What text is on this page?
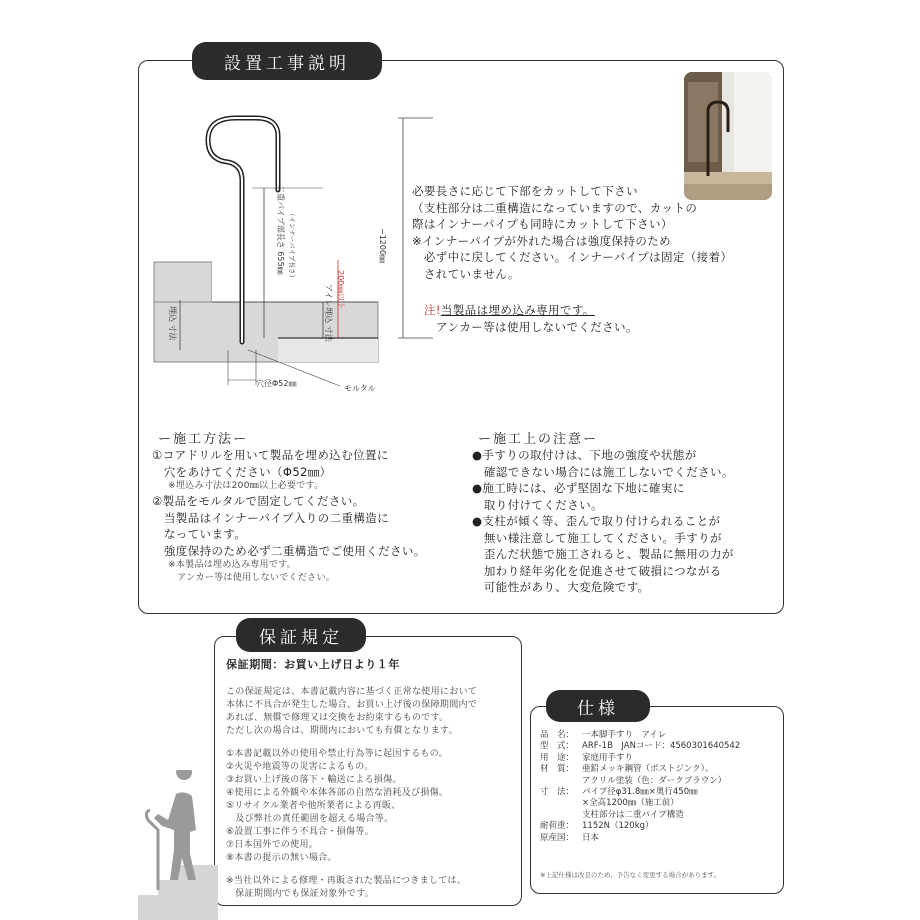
設置工事説明
−1200㎜
二重パイプ部長さ 655㎜ （インナーパイプ長さ）
アイレ埋込 寸法 200㎜以上
埋込 寸法
穴径Φ52㎜
モルタル
必要長さに応じて下部をカットして下さい
（支柱部分は二重構造になっていますので、カットの
際はインナーパイプも同時にカットして下さい）
※インナーパイプが外れた場合は強度保持のため
　必ず中に戻してください。インナーパイプは固定（接着）
　されていません。
注!当製品は埋め込み専用です。
アンカー等は使用しないでください。
ー施工方法ー
①コアドリルを用いて製品を埋め込む位置に
　穴をあけてください（Φ52㎜）
※埋込み寸法は200㎜以上必要です。
②製品をモルタルで固定してください。
　当製品はインナーパイプ入りの二重構造に
　なっています。
　強度保持のため必ず二重構造でご使用ください。
※本製品は埋め込み専用です。
　アンカー等は使用しないでください。
ー施工上の注意ー
●手すりの取付けは、下地の強度や状態が
　確認できない場合には施工しないでください。
●施工時には、必ず堅固な下地に確実に
　取り付けてください。
●支柱が傾く等、歪んで取り付けられることが
　無い様注意して施工してください。手すりが
　歪んだ状態で施工されると、製品に無用の力が
　加わり経年劣化を促進させて破損につながる
　可能性があり、大変危険です。
保証規定
保証期間：お買い上げ日より１年
この保証規定は、本書記載内容に基づく正常な使用において
本体に不具合が発生した場合、お買い上げ後の保障期間内で
あれば、無償で修理又は交換をお約束するものです。
ただし次の場合は、期間内においても有償となります。
①本書記載以外の使用や禁止行為等に起因するもの。
②火災や地震等の災害によるもの。
③お買い上げ後の落下・輸送による損傷。
④使用による外観や本体各部の自然な消耗及び損傷。
⑤リサイクル業者や他所業者による再販、
　及び弊社の責任範囲を超える場合等。
⑥設置工事に伴う不具合・損傷等。
⑦日本国外での使用。
⑧本書の提示の無い場合。
※当社以外による修理・再販された製品につきましては、
　保証期間内でも保証対象外です。
仕様
品　名： 一本脚手すり　アイレ
型　式： ARF-1B　JANコード：4560301640542
用　途： 家庭用手すり
材　質： 亜鉛メッキ鋼管（ボストジンク）、
アクリル塗装（色：ダークブラウン）
寸　法： パイプ径φ31.8㎜×奥行450㎜
×全高1200㎜（施工前）
支柱部分は二重パイプ構造
耐荷重： 1152N（120kg）
原産国： 日本
※上記仕様は改良のため、予告なく変更する場合があります。
